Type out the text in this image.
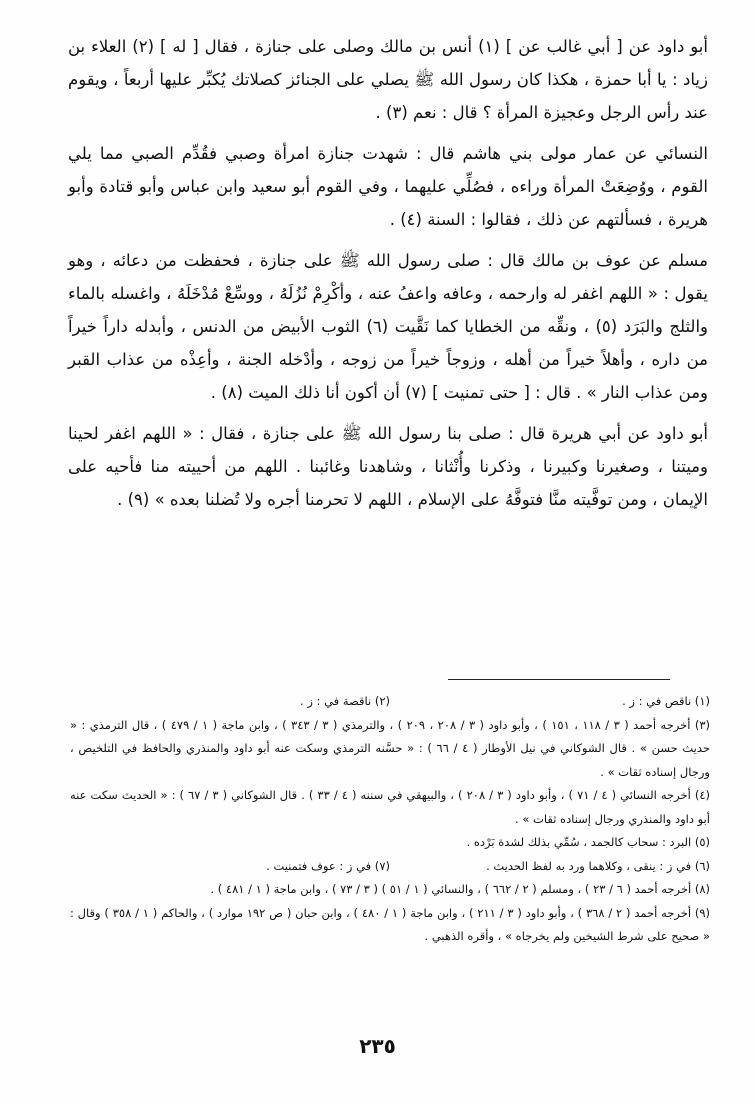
أبو داود عن [ أبي غالب عن ] (١) أنس بن مالك وصلى على جنازة ، فقال [ له ] (٢) العلاء بن زياد : يا أبا حمزة ، هكذا كان رسول الله ﷺ يصلي على الجنائز كصلاتك يُكبِّر عليها أربعاً ، ويقوم عند رأس الرجل وعجيزة المرأة ؟ قال : نعم (٣) .

النسائي عن عمار مولى بني هاشم قال : شهدت جنازة امرأة وصبي فقُدِّم الصبي مما يلي القوم ، ووُضِعَتْ المرأة وراءه ، فصُلِّي عليهما ، وفي القوم أبو سعيد وابن عباس وأبو قتادة وأبو هريرة ، فسألتهم عن ذلك ، فقالوا : السنة (٤) .

مسلم عن عوف بن مالك قال : صلى رسول الله ﷺ على جنازة ، فحفظت من دعائه ، وهو يقول : « اللهم اغفر له وارحمه ، وعافه واعفُ عنه ، وأكْرِمْ نُزُلَهُ ، ووسِّعْ مُدْخَلَهُ ، واغسله بالماء والثلج والبَرَد (٥) ، ونقِّه من الخطايا كما نَقَّيت (٦) الثوب الأبيض من الدنس ، وأبدله داراً خيراً من داره ، وأهلاً خيراً من أهله ، وزوجاً خيراً من زوجه ، وأدْخله الجنة ، وأعِذْه من عذاب القبر ومن عذاب النار » . قال : [ حتى تمنيت ] (٧) أن أكون أنا ذلك الميت (٨) .

أبو داود عن أبي هريرة قال : صلى بنا رسول الله ﷺ على جنازة ، فقال : « اللهم اغفر لحينا وميتنا ، وصغيرنا وكبيرنا ، وذكرنا وأُنْثانا ، وشاهدنا وغائبنا . اللهم من أحييته منا فأحيه على الإيمان ، ومن توفَّيته منَّا فتوفَّهُ على الإسلام ، اللهم لا تحرمنا أجره ولا تُضلنا بعده » (٩) .

(١) ناقص في : ز .
(٢) ناقصة في : ز .

(٣) أخرجه أحمد ( ٣ / ١١٨ ، ١٥١ ) ، وأبو داود ( ٣ / ٢٠٨ ، ٢٠٩ ) ، والترمذي ( ٣ / ٣٤٣ ) ، وابن ماجة ( ١ / ٤٧٩ ) ، قال الترمذي : « حديث حسن » . قال الشوكاني في نيل الأوطار ( ٤ / ٦٦ ) : « حسَّنه الترمذي وسكت عنه أبو داود والمنذري والحافظ في التلخيص ، ورجال إسناده ثقات » .

(٤) أخرجه النسائي ( ٤ / ٧١ ) ، وأبو داود ( ٣ / ٢٠٨ ) ، والبيهقي في سننه ( ٤ / ٣٣ ) . قال الشوكاني ( ٣ / ٦٧ ) : « الحديث سكت عنه أبو داود والمنذري ورجال إسناده ثقات » .

(٥) البرد : سحاب كالجمد ، سُمِّي بذلك لشدة بَرْده .

(٦) في ز : ينقى ، وكلاهما ورد به لفظ الحديث .
(٧) في ز : عوف فتمنيت .

(٨) أخرجه أحمد ( ٦ / ٢٣ ) ، ومسلم ( ٢ / ٦٦٢ ) ، والنسائي ( ١ / ٥١ ) ( ٣ / ٧٣ ) ، وابن ماجة ( ١ / ٤٨١ ) .

(٩) أخرجه أحمد ( ٢ / ٣٦٨ ) ، وأبو داود ( ٣ / ٢١١ ) ، وابن ماجة ( ١ / ٤٨٠ ) ، وابن حبان ( ص ١٩٢ موارد ) ، والحاكم ( ١ / ٣٥٨ ) وقال : « صحيح على شرط الشيخين ولم يخرجاه » ، وأقره الذهبي .

٢٣٥
